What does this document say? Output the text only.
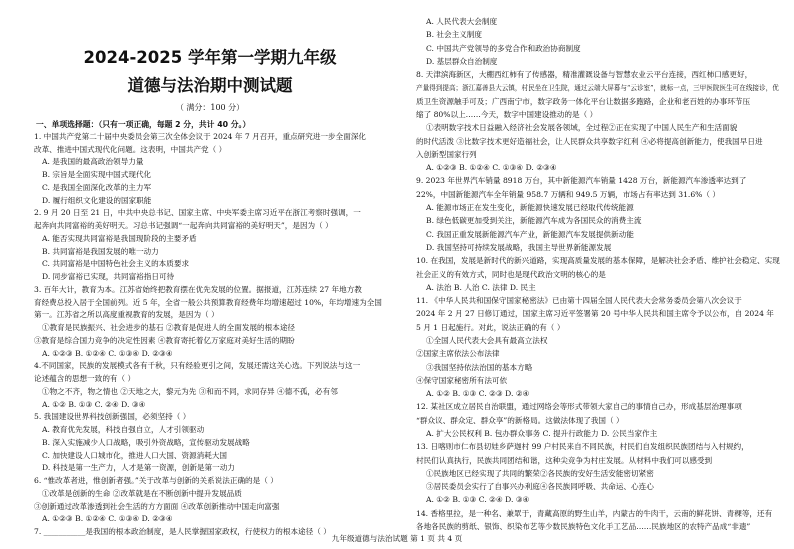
2024-2025 学年第一学期九年级
道德与法治期中测试题
（ 满分：100 分）
一、单项选择题：（只有一项正确，每题 2 分，共计 40 分。）
1. 中国共产党第二十届中央委员会第三次全体会议于 2024 年 7 月召开，重点研究进一步全面深化
改革、推进中国式现代化问题。这表明，中国共产党（ ）
A. 是我国的最高政治领导力量
B. 宗旨是全面实现中国式现代化
C. 是我国全面深化改革的主力军
D. 履行组织文化建设的国家职能
2. 9 月 20 日至 21 日，中共中央总书记、国家主席、中央军委主席习近平在浙江考察时强调，一
起奔向共同富裕的美好明天。习总书记强调“一起奔向共同富裕的美好明天”，是因为（ ）
A. 能否实现共同富裕是我国现阶段的主要矛盾
B. 共同富裕是我国发展的唯一动力
C. 共同富裕是中国特色社会主义的本质要求
D. 同步富裕已实现，共同富裕指日可待
3. 百年大计，教育为本。江苏省始终把教育摆在优先发展的位置。据报道，江苏连续 27 年地方教
育经费总投入居于全国前列。近 5 年，全省一般公共预算教育经费年均增速超过 10%，年均增速为全国
第一。江苏省之所以高度重视教育的发展，是因为（ ）
①教育是民族振兴、社会进步的基石 ②教育是促进人的全面发展的根本途径
③教育是综合国力竞争的决定性因素 ④教育寄托着亿万家庭对美好生活的期盼
A. ①②③ B. ①②④ C. ①③④ D. ②③④
4.不同国家，民族的发展模式各有千秋，只有经验更引之间，发展还需这关心选。下列说法与这一
论述蕴含的思想一致的有（ ）
①物之不齐，物之情也 ②天地之大，黎元为先 ③和而不同，求同存异 ④德不孤，必有邻
A. ①② B. ①③ C. ②④ D. ③④
5. 我国建设世界科技创新强国，必须坚持（ ）
A. 教育优先发展，科技自强自立，人才引领驱动
B. 深入实施减少人口战略，吸引外资战略，宣传驱动发展战略
C. 加快建设人口城市化，推进人口大国、资源消耗大国
D. 科技是第一生产力，人才是第一资源，创新是第一动力
6. “惟改革者进，惟创新者强。”关于改革与创新的关系说法正确的是（ ）
①改革是创新的生命 ②改革就是在不断创新中提升发展品质
③创新通过改革渗透到社会生活的方方面面 ④改革创新推动中国走向富强
A. ①②③ B. ①②④ C. ①③④ D. ②③④
7. ___________是我国的根本政治制度，是人民掌握国家政权，行使权力的根本途径（ ）
A. 人民代表大会制度
B. 社会主义制度
C. 中国共产党领导的多党合作和政治协商制度
D. 基层群众自治制度
8. 天津滨海新区，大棚西红柿有了传感器，精准灌溉设备与智慧农业云平台连接，西红柿口感更好，
产量得到提高；浙江嘉善县大云镇，村民坐在卫生院，通过云端大屏幕与“云诊室”，就标一点，三甲医院医生可在线接诊，优
质卫生资源触手可及；广西南宁市，数字政务一体化平台让数据多跑路，企业和老百姓的办事环节压
缩了 80%以上……今天，数字中国建设推动的是（ ）
①表明数字技术日益融入经济社会发展各领域，全过程②正在实现了中国人民生产和生活面貌
的时代活泼 ③比数字技术更好造福社会，让人民群众共享数字红利 ④必将提高创新能力，使我国早日进
入创新型国家行列
A. ①②③ B. ①②④ C. ①③④ D. ②③④
9. 2023 年世界汽车销量 8918 万台，其中新能源汽车销量 1428 万台，新能源汽车渗透率达到了
22%，中国新能源汽车全年销量 958.7 万辆和 949.5 万辆，市场占有率达到 31.6%（ ）
A. 能源市场正在发生变化，新能源快速发展已经取代传统能源
B. 绿色低碳更加受到关注，新能源汽车成为各国民众的消费主流
C. 我国正重发展新能源汽车产业，新能源汽车发展提供新动能
D. 我国坚持可持续发展战略，我国主导世界新能源发展
10. 在我国，发展是新时代的新兴道路，实现高质量发展的基本保障，是解决社会矛盾、维护社会稳定、实现
社会正义的有效方式，同时也是现代政治文明的核心的是
A. 法治 B. 人治 C. 法律 D. 民主
11. 《中华人民共和国保守国家秘密法》已由第十四届全国人民代表大会常务委员会第八次会议于
2024 年 2 月 27 日修订通过，国家主席习近平签署第 20 号中华人民共和国主席令予以公布，自 2024 年
5 月 1 日起施行。对此，说法正确的有（ ）
①全国人民代表大会具有最高立法权
②国家主席依法公布法律
③我国坚持依法治国的基本方略
④保守国家秘密所有法可依
A. ①② B. ①③ C. ②③ D. ②④
12. 某社区成立居民自治联盟，通过网络会等形式带领大家自己的事情自己办，形成基层治理事项
“群众议、群众定、群众享”的新格局。这做法体现了我国（ ）
A. 扩大公民权利 B. 包办群众事务 C. 提升行政能力 D. 公民当家作主
13. 日喀则市仁布县切娃乡萨迦村 99 户村民来自不同民族，村民们自发组织民族团结与入村规约，
村民们认真执行，民族共同团结和谐，这种尖竞争为村庄发展。从材料中我们可以感受到
①民族地区已经实现了共同的繁荣②各民族的安好生活安能密切紧密
③居民委员会实行了自事兴办利庭④各民族同呼吸、共命运、心连心
A. ①② B. ①③ C. ②④ D. ③④
14. 香格里拉，是一种名、兼眾于，青藏高原的野生山羊，内蒙古的牛肉干，云南的鲜花饼、青稞等，还有
各地各民族的剪纸、银饰、织染布艺等少数民族特色文化手工艺品……民族地区的农特产品成“非遗”
九年级道德与法治试题 第 1 页 共 4 页
